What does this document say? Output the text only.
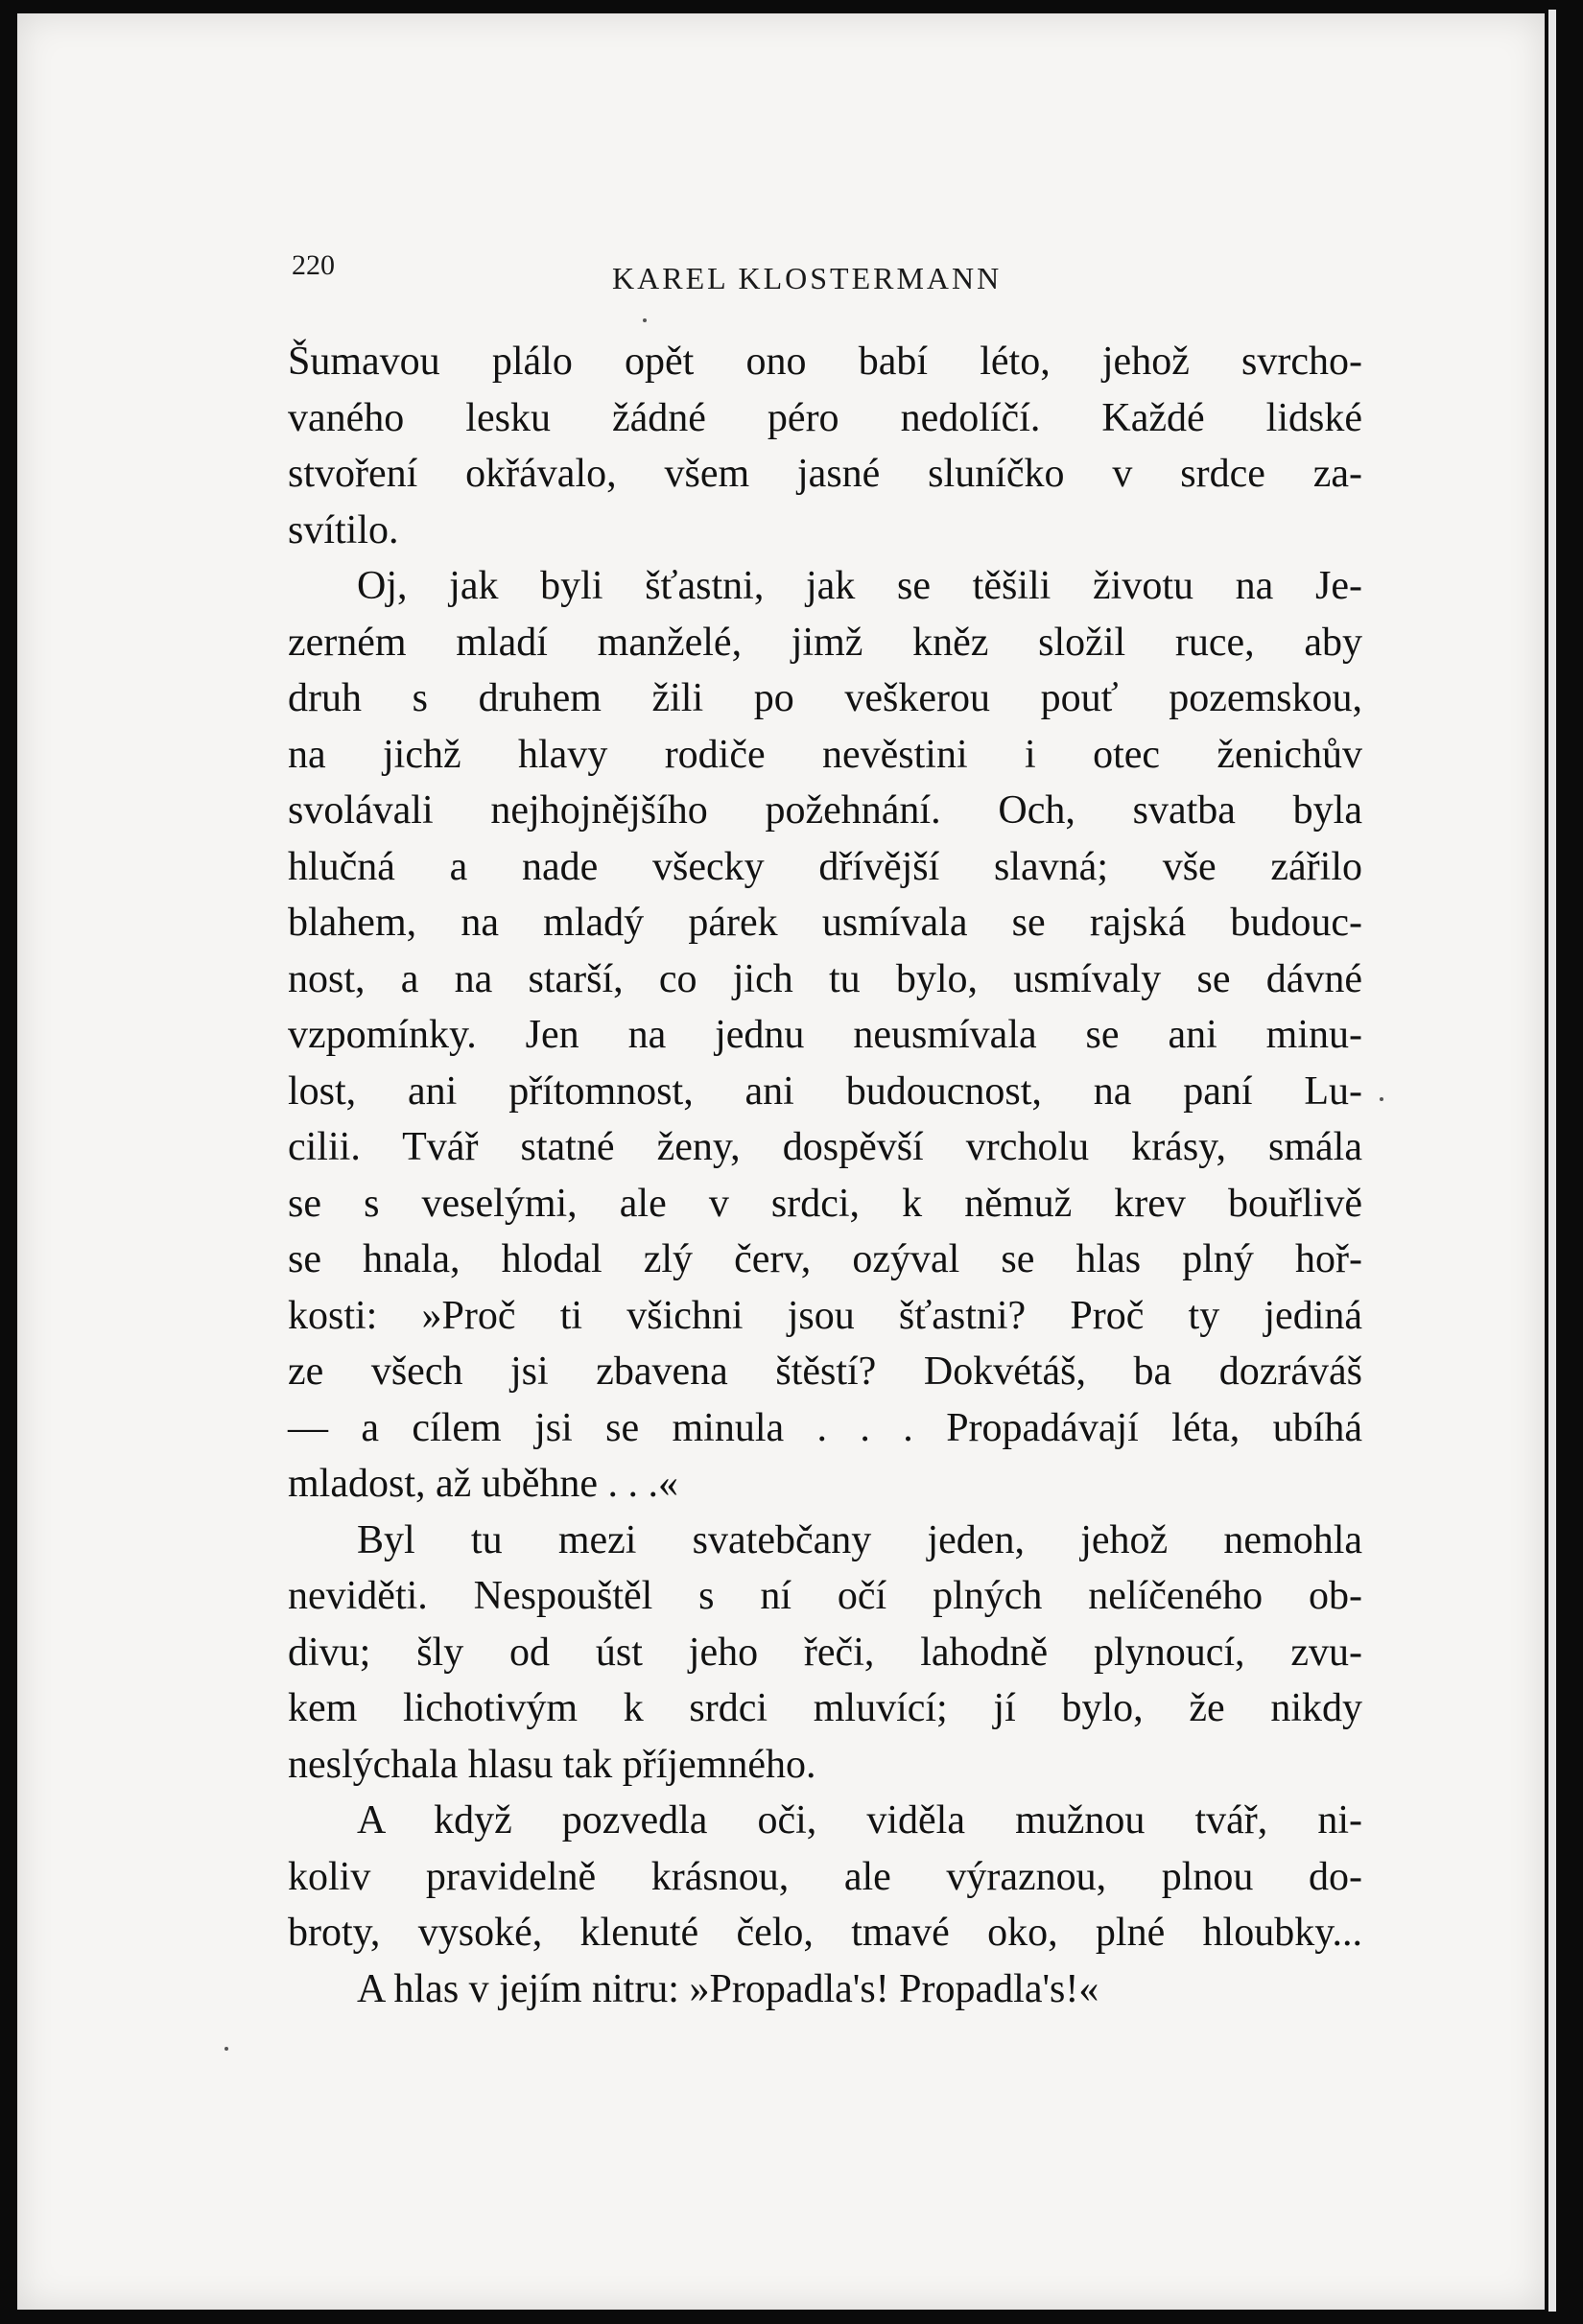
220	KAREL KLOSTERMANN
Šumavou plálo opět ono babí léto, jehož svrcho-
vaného lesku žádné péro nedolíčí. Každé lidské
stvoření okřávalo, všem jasné sluníčko v srdce za-
svítilo.
Oj, jak byli šťastni, jak se těšili životu na Je-
zerném mladí manželé, jimž kněz složil ruce, aby
druh s druhem žili po veškerou pouť pozemskou,
na jichž hlavy rodiče nevěstini i otec ženichův
svolávali nejhojnějšího požehnání. Och, svatba byla
hlučná a nade všecky dřívější slavná; vše zářilo
blahem, na mladý párek usmívala se rajská budouc-
nost, a na starší, co jich tu bylo, usmívaly se dávné
vzpomínky. Jen na jednu neusmívala se ani minu-
lost, ani přítomnost, ani budoucnost, na paní Lu-
cilii. Tvář statné ženy, dospěvší vrcholu krásy, smála
se s veselými, ale v srdci, k němuž krev bouřlivě
se hnala, hlodal zlý červ, ozýval se hlas plný hoř-
kosti: »Proč ti všichni jsou šťastni? Proč ty jediná
ze všech jsi zbavena štěstí? Dokvétáš, ba dozráváš
— a cílem jsi se minula . . . Propadávají léta, ubíhá
mladost, až uběhne . . .«
Byl tu mezi svatebčany jeden, jehož nemohla
neviděti. Nespouštěl s ní očí plných nelíčeného ob-
divu; šly od úst jeho řeči, lahodně plynoucí, zvu-
kem lichotivým k srdci mluvící; jí bylo, že nikdy
neslýchala hlasu tak příjemného.
A když pozvedla oči, viděla mužnou tvář, ni-
koliv pravidelně krásnou, ale výraznou, plnou do-
broty, vysoké, klenuté čelo, tmavé oko, plné hloubky...
A hlas v jejím nitru: »Propadla's! Propadla's!«
